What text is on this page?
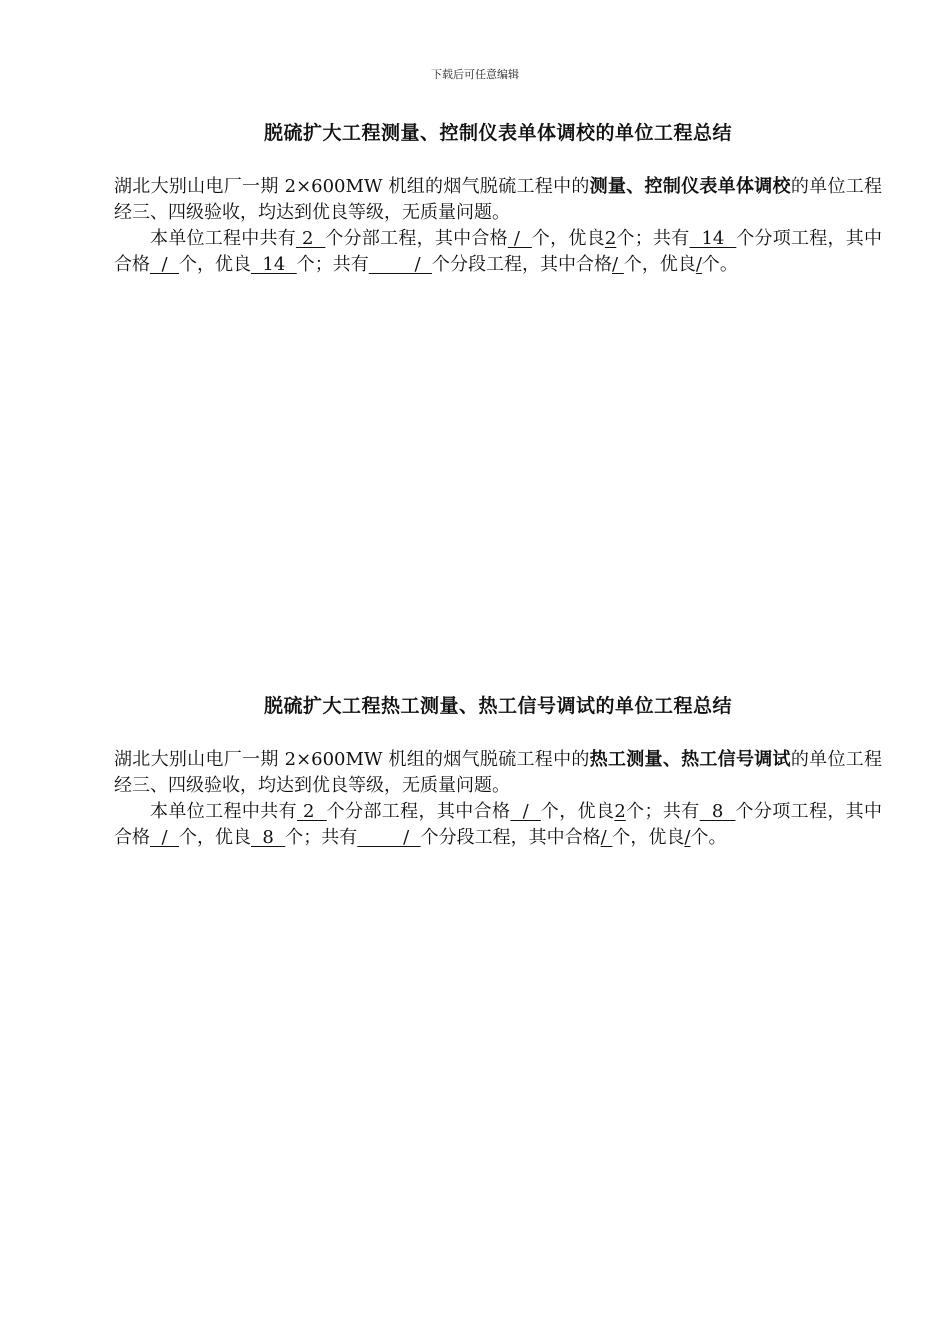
下载后可任意编辑
脱硫扩大工程测量、控制仪表单体调校的单位工程总结

湖北大别山电厂一期 2×600MW 机组的烟气脱硫工程中的测量、控制仪表单体调校的单位工程经三、四级验收，均达到优良等级，无质量问题。

本单位工程中共有 2  个分部工程，其中合格 /  个，优良2个；共有  14  个分项工程，其中合格  /  个，优良  14  个；共有        /  个分段工程，其中合格/ 个，优良/个。

脱硫扩大工程热工测量、热工信号调试的单位工程总结

湖北大别山电厂一期 2×600MW 机组的烟气脱硫工程中的热工测量、热工信号调试的单位工程经三、四级验收，均达到优良等级，无质量问题。

本单位工程中共有 2  个分部工程，其中合格  /  个，优良2个；共有  8  个分项工程，其中合格  /  个，优良  8  个；共有        /  个分段工程，其中合格/ 个，优良/个。
